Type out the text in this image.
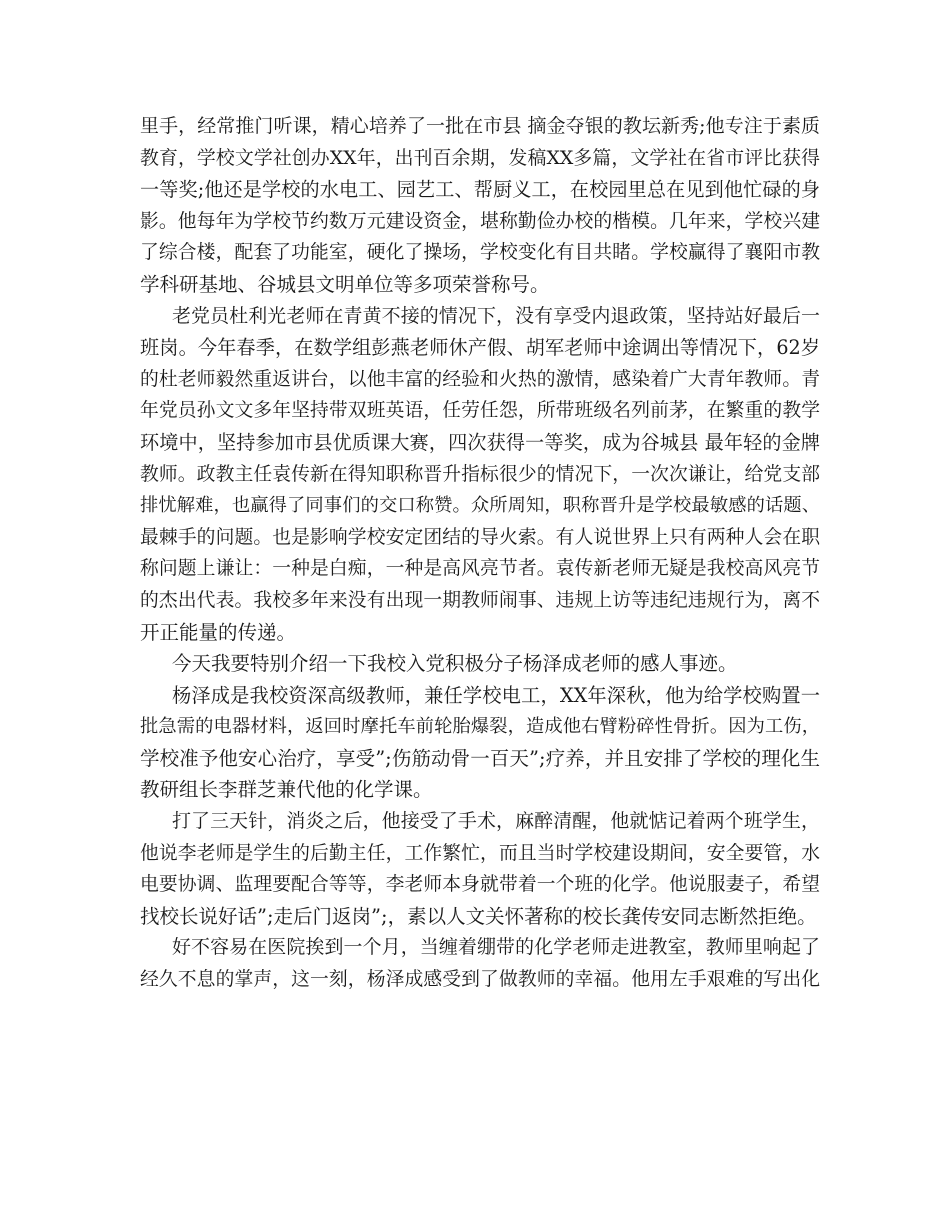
里手，经常推门听课，精心培养了一批在市县 摘金夺银的教坛新秀;他专注于素质
教育，学校文学社创办XX年，出刊百余期，发稿XX多篇，文学社在省市评比获得
一等奖;他还是学校的水电工、园艺工、帮厨义工，在校园里总在见到他忙碌的身
影。他每年为学校节约数万元建设资金，堪称勤俭办校的楷模。几年来，学校兴建
了综合楼，配套了功能室，硬化了操场，学校变化有目共睹。学校赢得了襄阳市教
学科研基地、谷城县文明单位等多项荣誉称号。
老党员杜利光老师在青黄不接的情况下，没有享受内退政策，坚持站好最后一
班岗。今年春季，在数学组彭燕老师休产假、胡军老师中途调出等情况下，62岁
的杜老师毅然重返讲台，以他丰富的经验和火热的激情，感染着广大青年教师。青
年党员孙文文多年坚持带双班英语，任劳任怨，所带班级名列前茅，在繁重的教学
环境中，坚持参加市县优质课大赛，四次获得一等奖，成为谷城县 最年轻的金牌
教师。政教主任袁传新在得知职称晋升指标很少的情况下，一次次谦让，给党支部
排忧解难，也赢得了同事们的交口称赞。众所周知，职称晋升是学校最敏感的话题、
最棘手的问题。也是影响学校安定团结的导火索。有人说世界上只有两种人会在职
称问题上谦让：一种是白痴，一种是高风亮节者。袁传新老师无疑是我校高风亮节
的杰出代表。我校多年来没有出现一期教师闹事、违规上访等违纪违规行为，离不
开正能量的传递。
今天我要特别介绍一下我校入党积极分子杨泽成老师的感人事迹。
杨泽成是我校资深高级教师，兼任学校电工，XX年深秋，他为给学校购置一
批急需的电器材料，返回时摩托车前轮胎爆裂，造成他右臂粉碎性骨折。因为工伤，
学校准予他安心治疗，享受”;伤筋动骨一百天”;疗养，并且安排了学校的理化生
教研组长李群芝兼代他的化学课。
打了三天针，消炎之后，他接受了手术，麻醉清醒，他就惦记着两个班学生，
他说李老师是学生的后勤主任，工作繁忙，而且当时学校建设期间，安全要管，水
电要协调、监理要配合等等，李老师本身就带着一个班的化学。他说服妻子，希望
找校长说好话”;走后门返岗”;，素以人文关怀著称的校长龚传安同志断然拒绝。
好不容易在医院挨到一个月，当缠着绷带的化学老师走进教室，教师里响起了
经久不息的掌声，这一刻，杨泽成感受到了做教师的幸福。他用左手艰难的写出化
